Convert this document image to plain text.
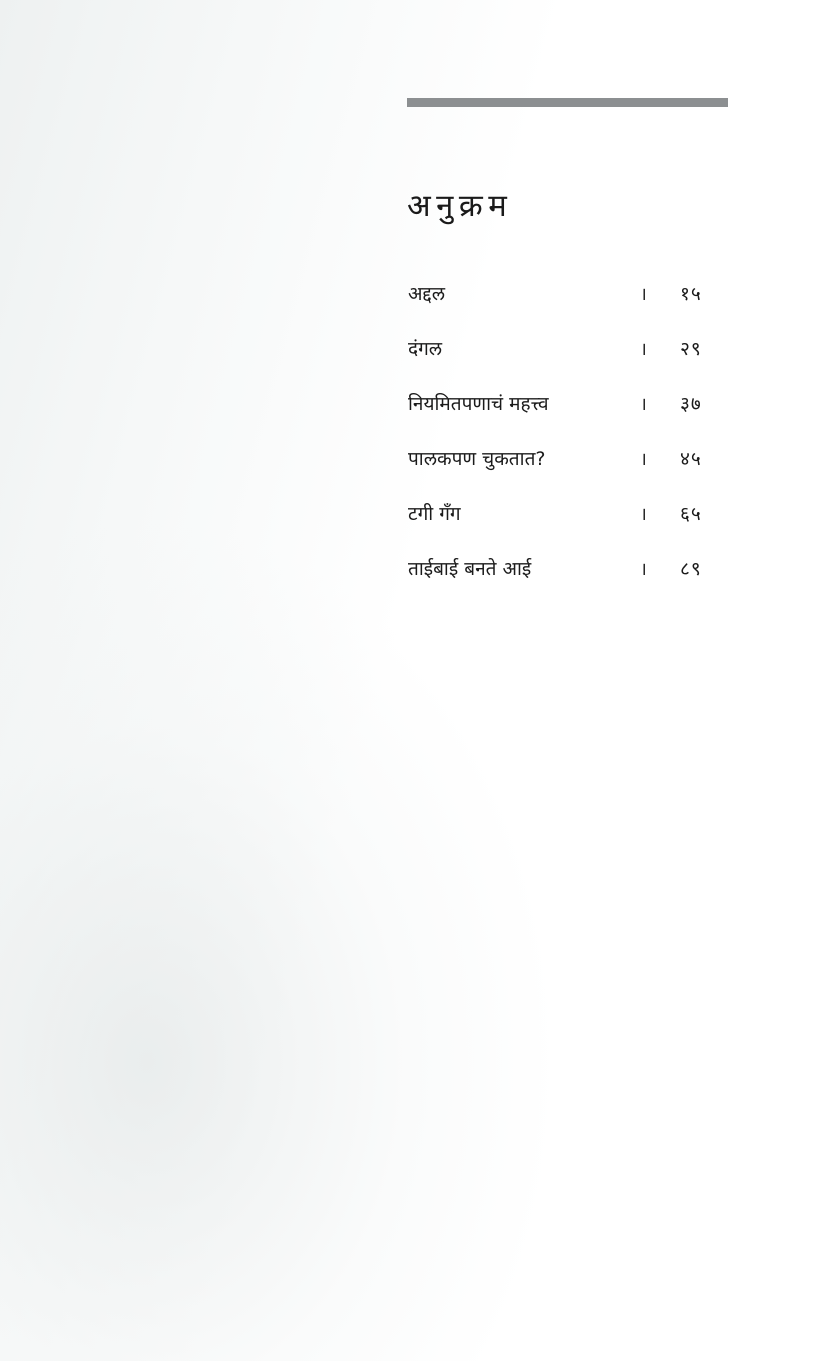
अनुक्रम
अद्दल	।	१५
दंगल	।	२९
नियमितपणाचं महत्त्व	।	३७
पालकपण चुकतात?	।	४५
टगी गँग	।	६५
ताईबाई बनते आई	।	८९
